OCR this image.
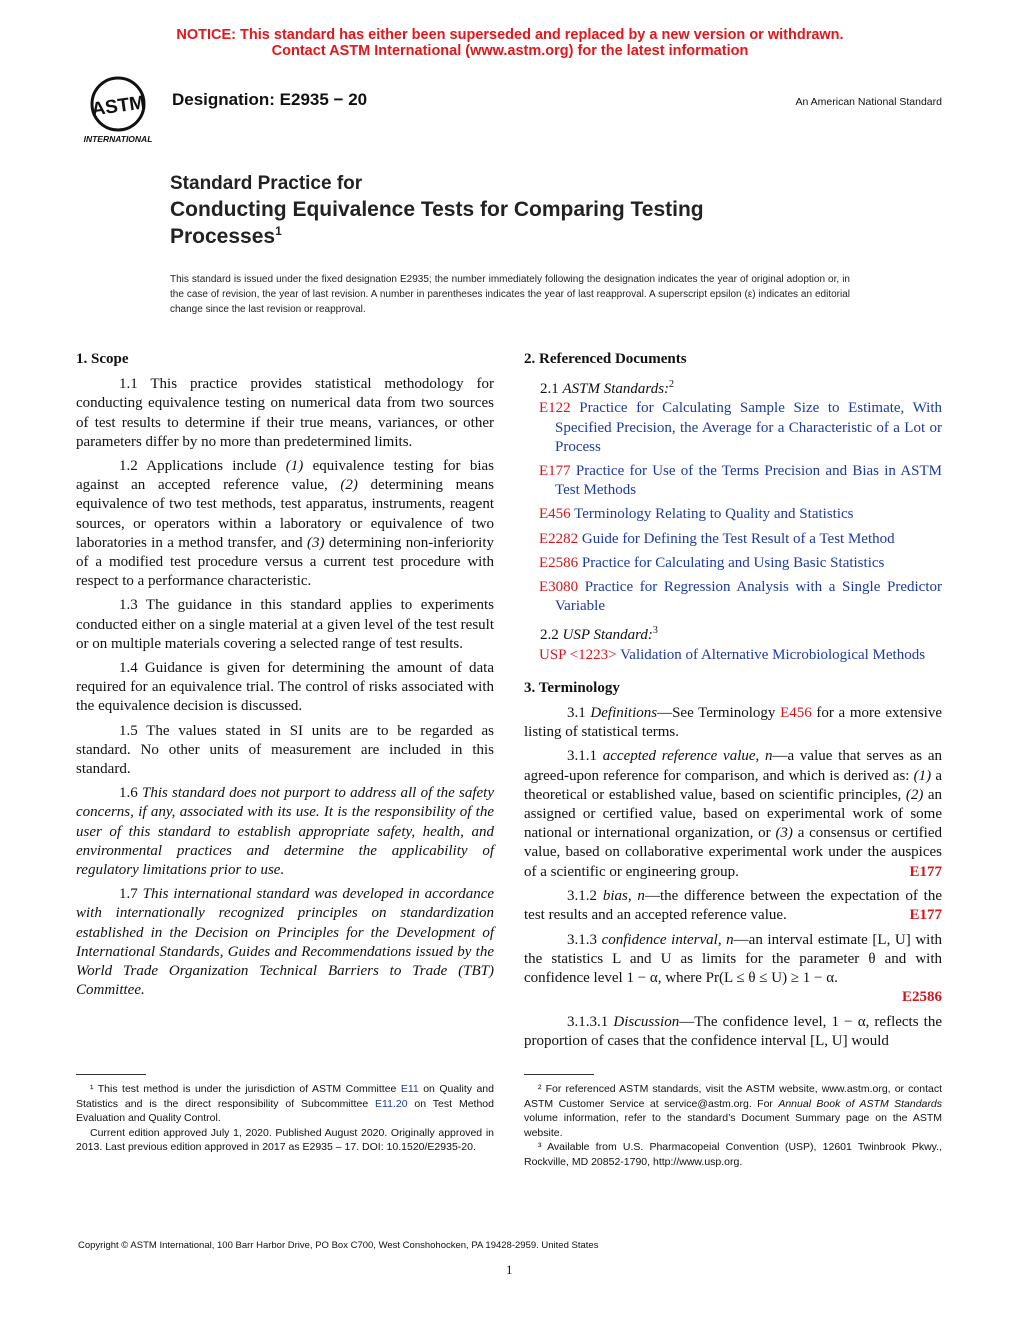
NOTICE: This standard has either been superseded and replaced by a new version or withdrawn.
Contact ASTM International (www.astm.org) for the latest information
ASTM
INTERNATIONAL
Designation: E2935 − 20	An American National Standard
Standard Practice for
Conducting Equivalence Tests for Comparing Testing
Processes$^1$
This standard is issued under the fixed designation E2935; the number immediately following the designation indicates the year of original adoption or, in the case of revision, the year of last revision. A number in parentheses indicates the year of last reapproval. A superscript epsilon (ε) indicates an editorial change since the last revision or reapproval.
1. Scope

1.1 This practice provides statistical methodology for conducting equivalence testing on numerical data from two sources of test results to determine if their true means, variances, or other parameters differ by no more than predetermined limits.

1.2 Applications include (1) equivalence testing for bias against an accepted reference value, (2) determining means equivalence of two test methods, test apparatus, instruments, reagent sources, or operators within a laboratory or equivalence of two laboratories in a method transfer, and (3) determining non-inferiority of a modified test procedure versus a current test procedure with respect to a performance characteristic.

1.3 The guidance in this standard applies to experiments conducted either on a single material at a given level of the test result or on multiple materials covering a selected range of test results.

1.4 Guidance is given for determining the amount of data required for an equivalence trial. The control of risks associated with the equivalence decision is discussed.

1.5 The values stated in SI units are to be regarded as standard. No other units of measurement are included in this standard.

1.6 This standard does not purport to address all of the safety concerns, if any, associated with its use. It is the responsibility of the user of this standard to establish appropriate safety, health, and environmental practices and determine the applicability of regulatory limitations prior to use.

1.7 This international standard was developed in accordance with internationally recognized principles on standardization established in the Decision on Principles for the Development of International Standards, Guides and Recommendations issued by the World Trade Organization Technical Barriers to Trade (TBT) Committee.

2. Referenced Documents

2.1 ASTM Standards:$^2$

E122 Practice for Calculating Sample Size to Estimate, With Specified Precision, the Average for a Characteristic of a Lot or Process

E177 Practice for Use of the Terms Precision and Bias in ASTM Test Methods

E456 Terminology Relating to Quality and Statistics

E2282 Guide for Defining the Test Result of a Test Method

E2586 Practice for Calculating and Using Basic Statistics

E3080 Practice for Regression Analysis with a Single Predictor Variable

2.2 USP Standard:$^3$

USP <1223> Validation of Alternative Microbiological Methods

3. Terminology

3.1 Definitions—See Terminology E456 for a more extensive listing of statistical terms.

3.1.1 accepted reference value, n—a value that serves as an agreed-upon reference for comparison, and which is derived as: (1) a theoretical or established value, based on scientific principles, (2) an assigned or certified value, based on experimental work of some national or international organization, or (3) a consensus or certified value, based on collaborative experimental work under the auspices of a scientific or engineering group.	E177

3.1.2 bias, n—the difference between the expectation of the test results and an accepted reference value.	E177

3.1.3 confidence interval, n—an interval estimate [L, U] with the statistics L and U as limits for the parameter θ and with confidence level 1 − α, where Pr(L ≤ θ ≤ U) ≥ 1 − α.

E2586

3.1.3.1 Discussion—The confidence level, 1 − α, reflects the proportion of cases that the confidence interval [L, U] would

¹ This test method is under the jurisdiction of ASTM Committee E11 on Quality and Statistics and is the direct responsibility of Subcommittee E11.20 on Test Method Evaluation and Quality Control.

Current edition approved July 1, 2020. Published August 2020. Originally approved in 2013. Last previous edition approved in 2017 as E2935 – 17. DOI: 10.1520/E2935-20.

² For referenced ASTM standards, visit the ASTM website, www.astm.org, or contact ASTM Customer Service at service@astm.org. For Annual Book of ASTM Standards volume information, refer to the standard’s Document Summary page on the ASTM website.

³ Available from U.S. Pharmacopeial Convention (USP), 12601 Twinbrook Pkwy., Rockville, MD 20852-1790, http://www.usp.org.

Copyright © ASTM International, 100 Barr Harbor Drive, PO Box C700, West Conshohocken, PA 19428-2959. United States
1
